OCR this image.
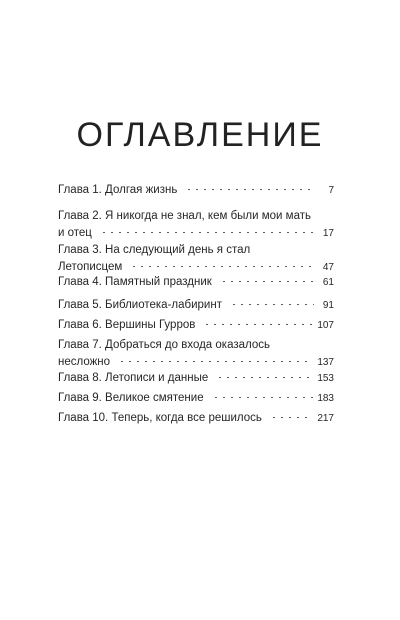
ОГЛАВЛЕНИЕ
Глава 1. Долгая жизнь	7
Глава 2. Я никогда не знал, кем были мои мать
и отец	17
Глава 3. На следующий день я стал
Летописцем	47
Глава 4. Памятный праздник	61
Глава 5. Библиотека-лабиринт	91
Глава 6. Вершины Гурров	107
Глава 7. Добраться до входа оказалось
несложно	137
Глава 8. Летописи и данные	153
Глава 9. Великое смятение	183
Глава 10. Теперь, когда все решилось	217
